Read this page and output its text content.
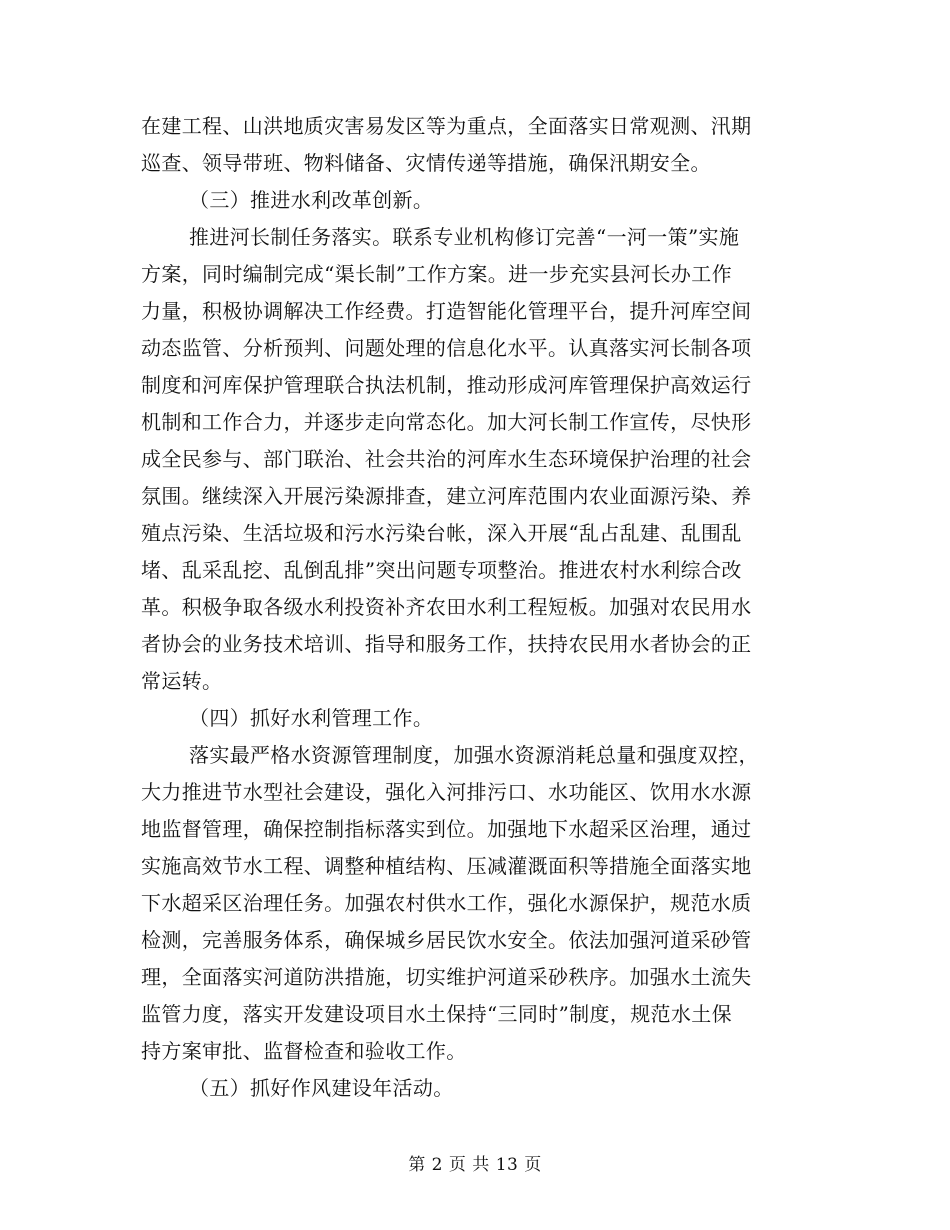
在建工程、山洪地质灾害易发区等为重点，全面落实日常观测、汛期
巡查、领导带班、物料储备、灾情传递等措施，确保汛期安全。
（三）推进水利改革创新。
推进河长制任务落实。联系专业机构修订完善“一河一策”实施
方案，同时编制完成“渠长制”工作方案。进一步充实县河长办工作
力量，积极协调解决工作经费。打造智能化管理平台，提升河库空间
动态监管、分析预判、问题处理的信息化水平。认真落实河长制各项
制度和河库保护管理联合执法机制，推动形成河库管理保护高效运行
机制和工作合力，并逐步走向常态化。加大河长制工作宣传，尽快形
成全民参与、部门联治、社会共治的河库水生态环境保护治理的社会
氛围。继续深入开展污染源排查，建立河库范围内农业面源污染、养
殖点污染、生活垃圾和污水污染台帐，深入开展“乱占乱建、乱围乱
堵、乱采乱挖、乱倒乱排”突出问题专项整治。推进农村水利综合改
革。积极争取各级水利投资补齐农田水利工程短板。加强对农民用水
者协会的业务技术培训、指导和服务工作，扶持农民用水者协会的正
常运转。
（四）抓好水利管理工作。
落实最严格水资源管理制度，加强水资源消耗总量和强度双控，
大力推进节水型社会建设，强化入河排污口、水功能区、饮用水水源
地监督管理，确保控制指标落实到位。加强地下水超采区治理，通过
实施高效节水工程、调整种植结构、压减灌溉面积等措施全面落实地
下水超采区治理任务。加强农村供水工作，强化水源保护，规范水质
检测，完善服务体系，确保城乡居民饮水安全。依法加强河道采砂管
理，全面落实河道防洪措施，切实维护河道采砂秩序。加强水土流失
监管力度，落实开发建设项目水土保持“三同时”制度，规范水土保
持方案审批、监督检查和验收工作。
（五）抓好作风建设年活动。
第 2 页 共 13 页
